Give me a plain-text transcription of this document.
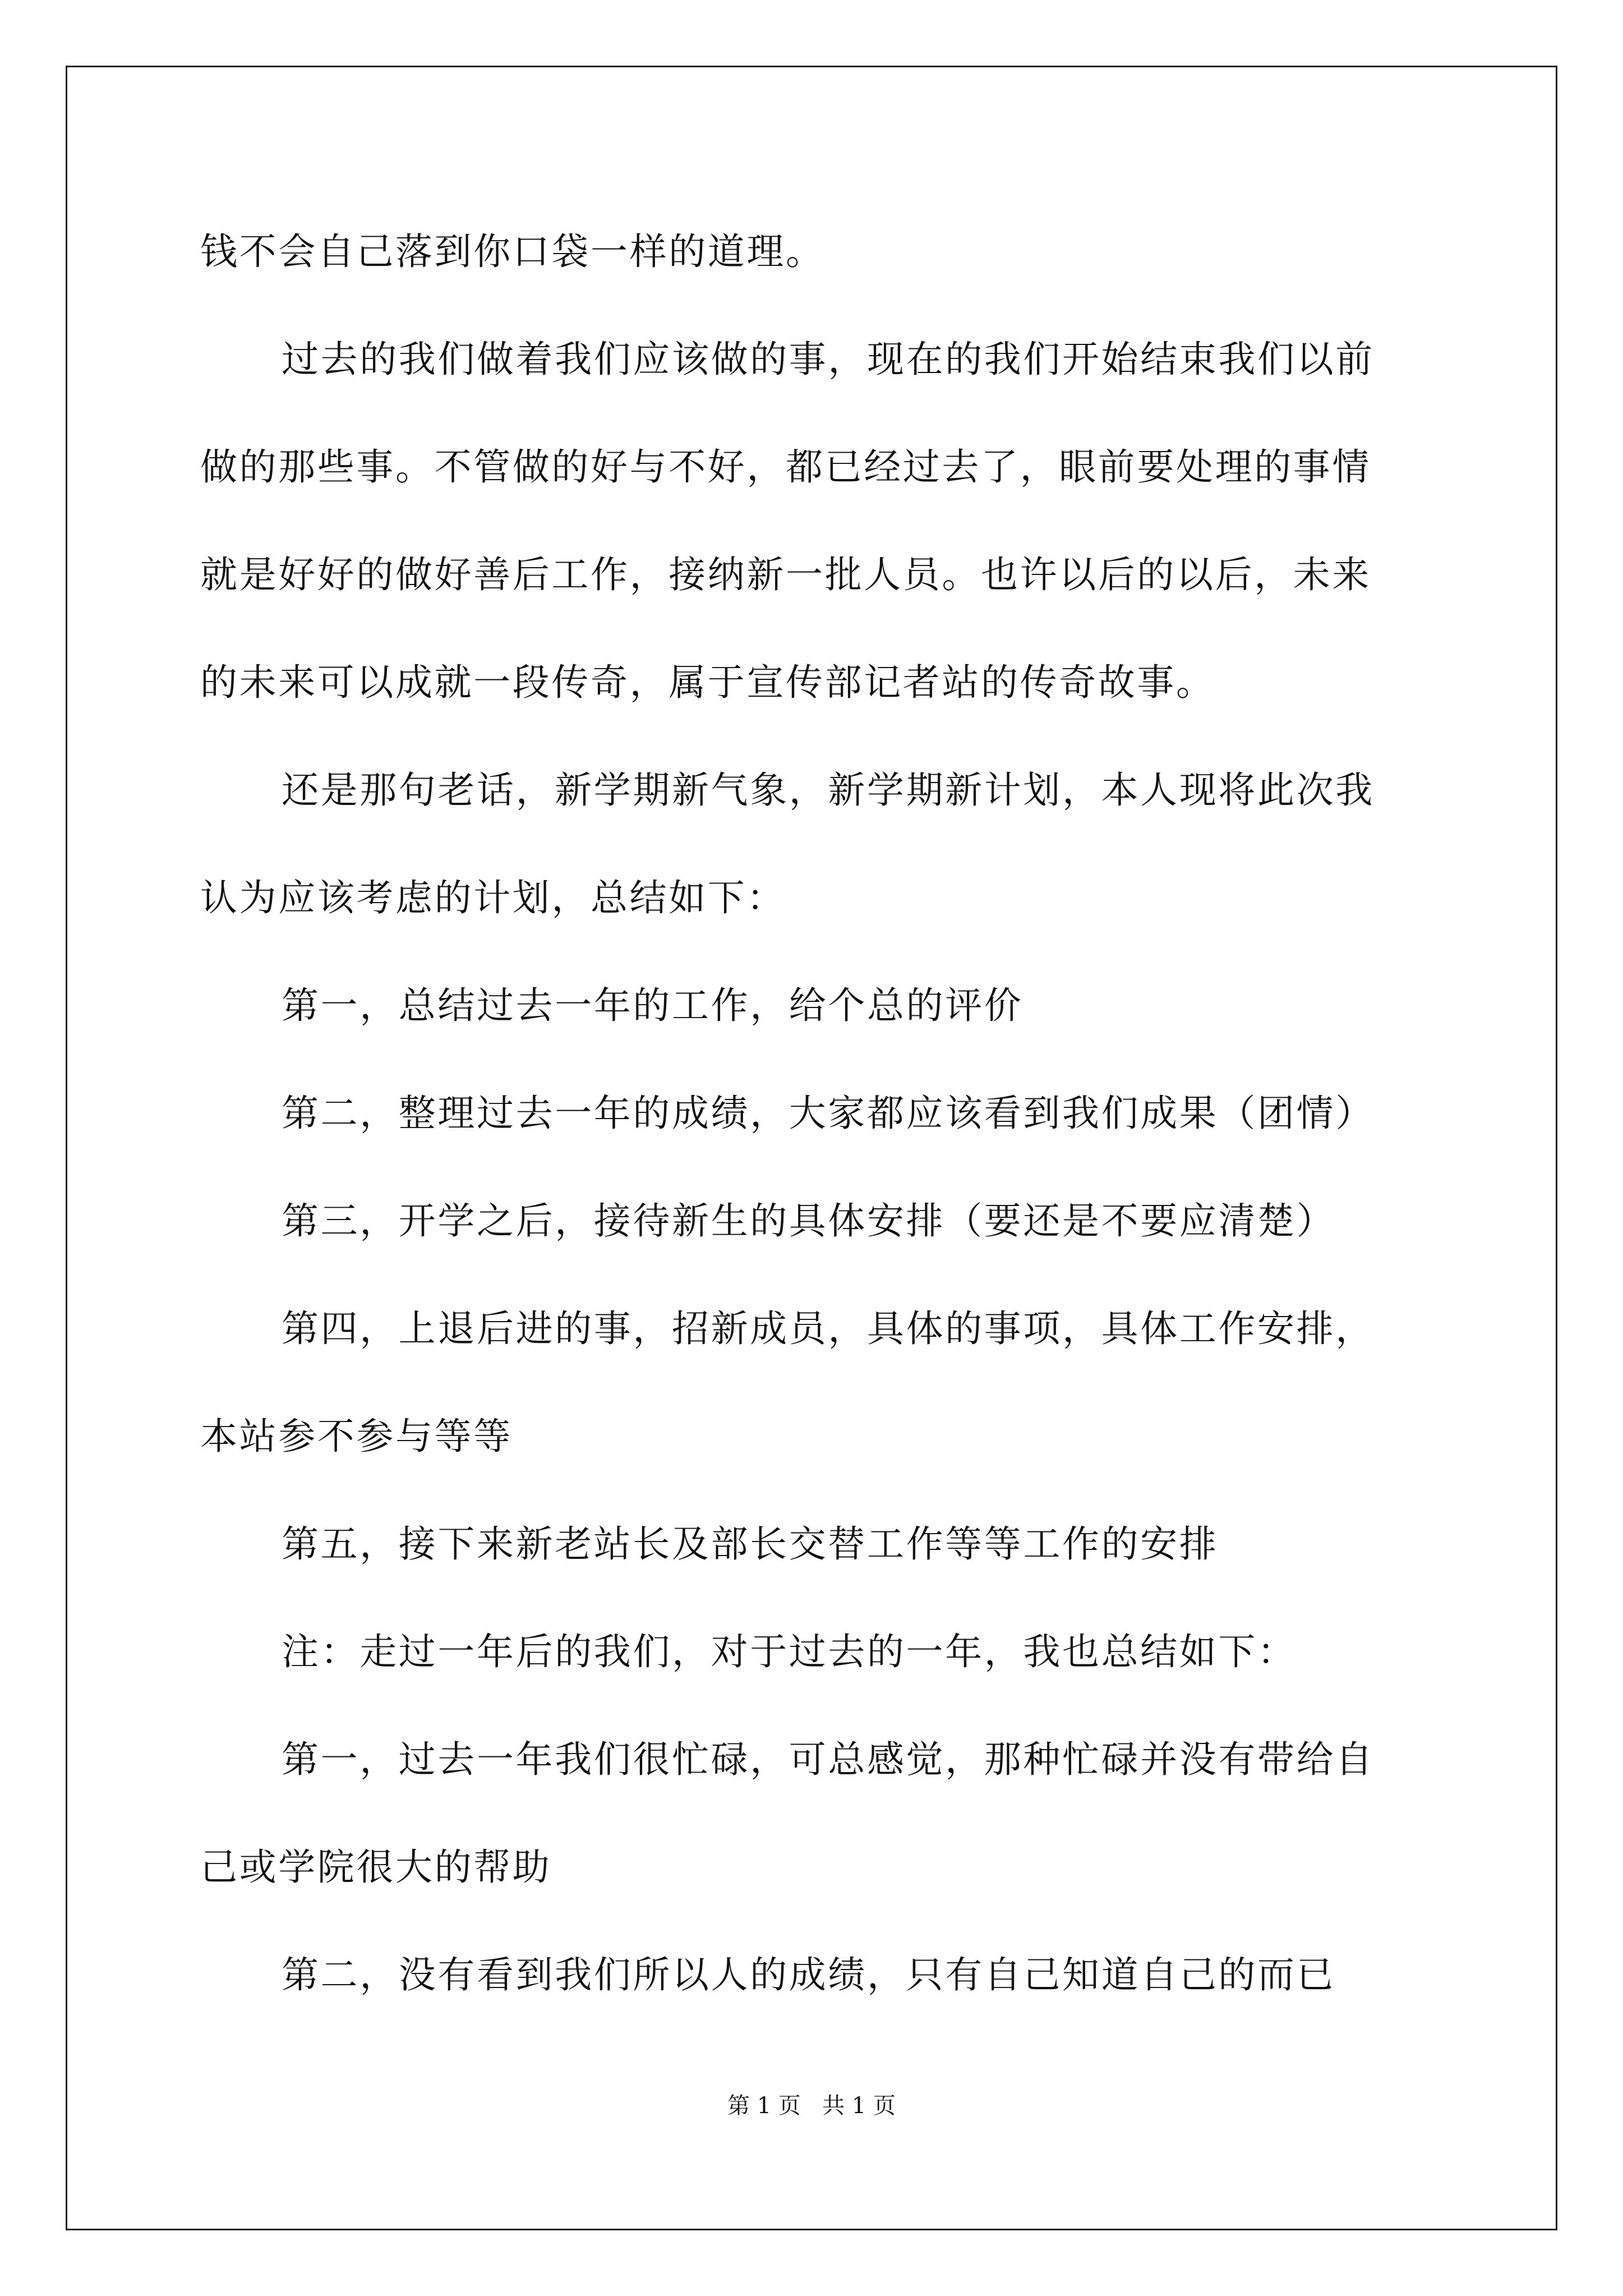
钱不会自己落到你口袋一样的道理。
过去的我们做着我们应该做的事，现在的我们开始结束我们以前
做的那些事。不管做的好与不好，都已经过去了，眼前要处理的事情
就是好好的做好善后工作，接纳新一批人员。也许以后的以后，未来
的未来可以成就一段传奇，属于宣传部记者站的传奇故事。
还是那句老话，新学期新气象，新学期新计划，本人现将此次我
认为应该考虑的计划，总结如下：
第一，总结过去一年的工作，给个总的评价
第二，整理过去一年的成绩，大家都应该看到我们成果（团情）
第三，开学之后，接待新生的具体安排（要还是不要应清楚）
第四，上退后进的事，招新成员，具体的事项，具体工作安排，
本站参不参与等等
第五，接下来新老站长及部长交替工作等等工作的安排
注：走过一年后的我们，对于过去的一年，我也总结如下：
第一，过去一年我们很忙碌，可总感觉，那种忙碌并没有带给自
己或学院很大的帮助
第二，没有看到我们所以人的成绩，只有自己知道自己的而已
第 1 页   共 1 页
